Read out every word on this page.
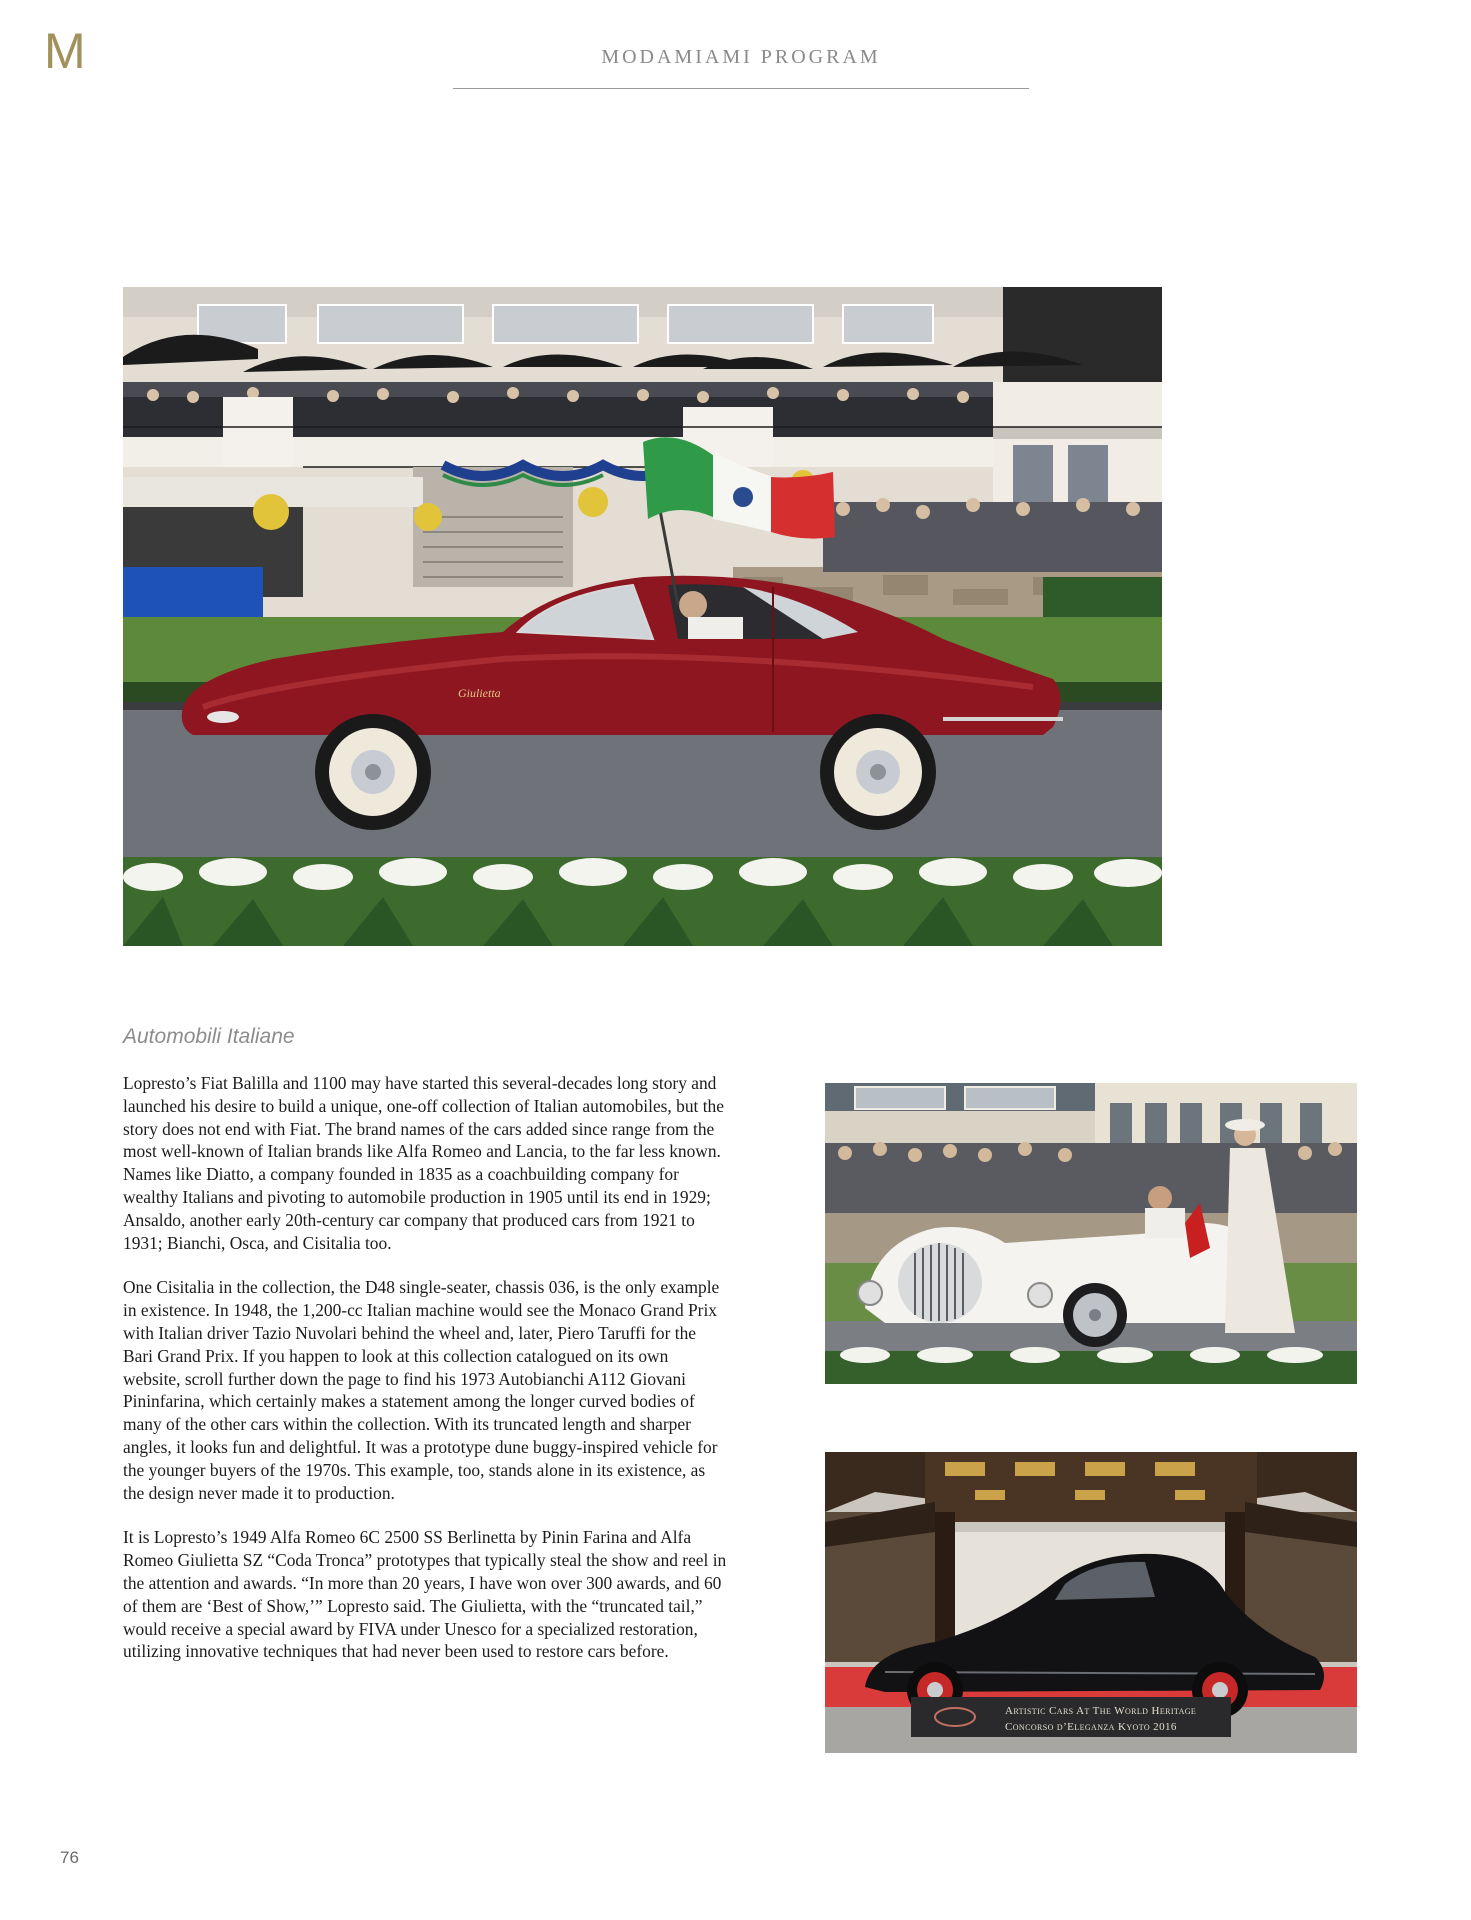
M	MODAMIAMI PROGRAM
Giulietta
Automobili Italiane

Lopresto’s Fiat Balilla and 1100 may have started this several-decades long story and launched his desire to build a unique, one-off collection of Italian automobiles, but the story does not end with Fiat. The brand names of the cars added since range from the most well-known of Italian brands like Alfa Romeo and Lancia, to the far less known. Names like Diatto, a company founded in 1835 as a coachbuilding company for wealthy Italians and pivoting to automobile production in 1905 until its end in 1929; Ansaldo, another early 20th-century car company that produced cars from 1921 to 1931; Bianchi, Osca, and Cisitalia too.

One Cisitalia in the collection, the D48 single-seater, chassis 036, is the only example in existence. In 1948, the 1,200-cc Italian machine would see the Monaco Grand Prix with Italian driver Tazio Nuvolari behind the wheel and, later, Piero Taruffi for the Bari Grand Prix. If you happen to look at this collection catalogued on its own website, scroll further down the page to find his 1973 Autobianchi A112 Giovani Pininfarina, which certainly makes a statement among the longer curved bodies of many of the other cars within the collection. With its truncated length and sharper angles, it looks fun and delightful. It was a prototype dune buggy-inspired vehicle for the younger buyers of the 1970s. This example, too, stands alone in its existence, as the design never made it to production.

It is Lopresto’s 1949 Alfa Romeo 6C 2500 SS Berlinetta by Pinin Farina and Alfa Romeo Giulietta SZ “Coda Tronca” prototypes that typically steal the show and reel in the attention and awards. “In more than 20 years, I have won over 300 awards, and 60 of them are ‘Best of Show,’” Lopresto said. The Giulietta, with the “truncated tail,” would receive a special award by FIVA under Unesco for a specialized restoration, utilizing innovative techniques that had never been used to restore cars before.

Artistic Cars At The World Heritage
Concorso d’Eleganza Kyoto 2016
76
